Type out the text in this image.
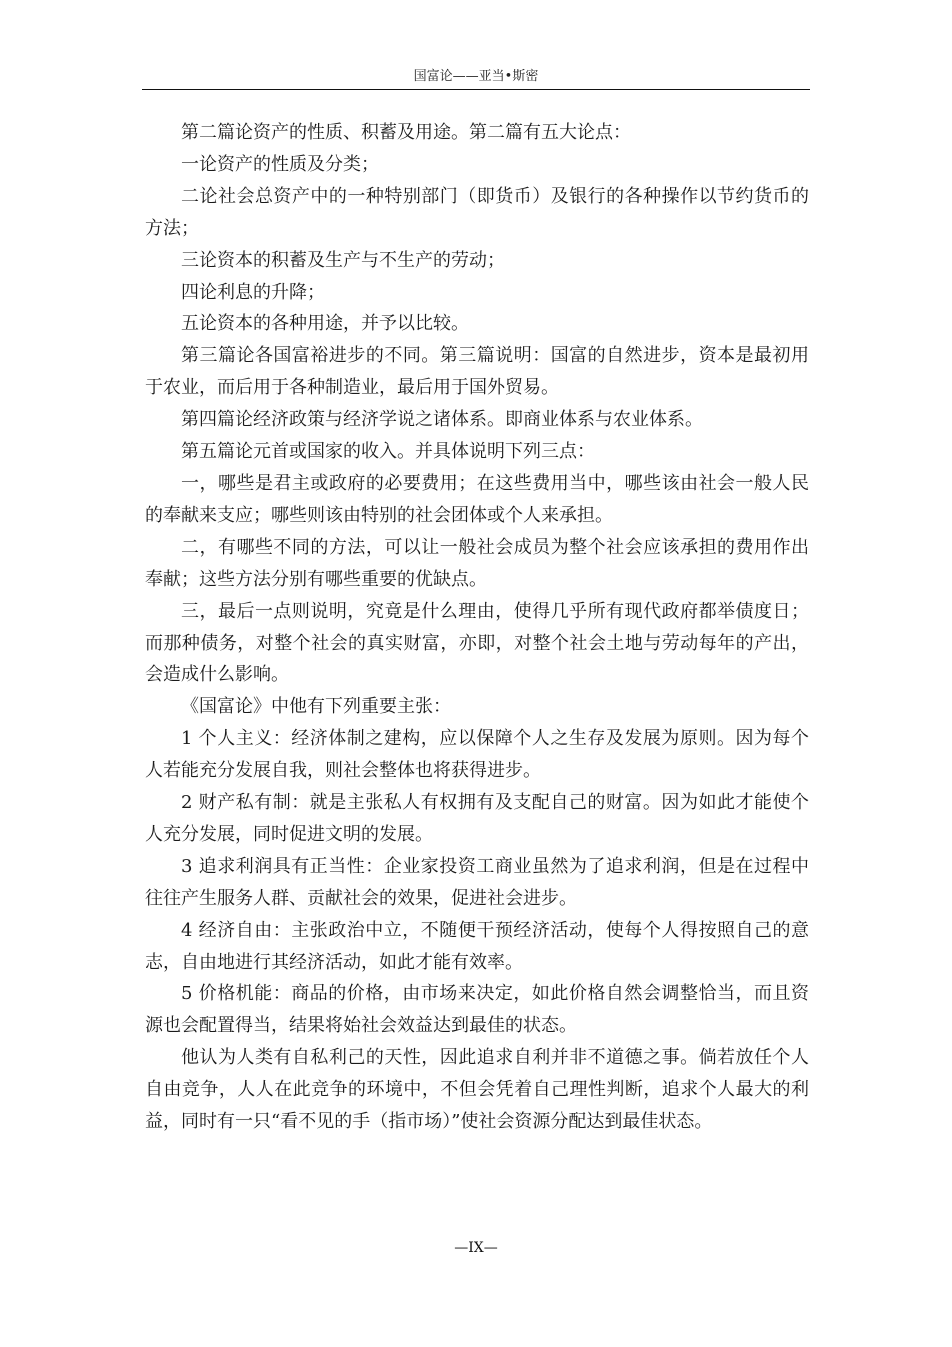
国富论——亚当•斯密

第二篇论资产的性质、积蓄及用途。第二篇有五大论点：

一论资产的性质及分类；

二论社会总资产中的一种特别部门（即货币）及银行的各种操作以节约货币的方法；

三论资本的积蓄及生产与不生产的劳动；

四论利息的升降；

五论资本的各种用途，并予以比较。

第三篇论各国富裕进步的不同。第三篇说明：国富的自然进步，资本是最初用于农业，而后用于各种制造业，最后用于国外贸易。

第四篇论经济政策与经济学说之诸体系。即商业体系与农业体系。

第五篇论元首或国家的收入。并具体说明下列三点：

一，哪些是君主或政府的必要费用；在这些费用当中，哪些该由社会一般人民的奉献来支应；哪些则该由特别的社会团体或个人来承担。

二，有哪些不同的方法，可以让一般社会成员为整个社会应该承担的费用作出奉献；这些方法分别有哪些重要的优缺点。

三，最后一点则说明，究竟是什么理由，使得几乎所有现代政府都举债度日；而那种债务，对整个社会的真实财富，亦即，对整个社会土地与劳动每年的产出，会造成什么影响。

《国富论》中他有下列重要主张：

1 个人主义：经济体制之建构，应以保障个人之生存及发展为原则。因为每个人若能充分发展自我，则社会整体也将获得进步。

2 财产私有制：就是主张私人有权拥有及支配自己的财富。因为如此才能使个人充分发展，同时促进文明的发展。

3 追求利润具有正当性：企业家投资工商业虽然为了追求利润，但是在过程中往往产生服务人群、贡献社会的效果，促进社会进步。

4 经济自由：主张政治中立，不随便干预经济活动，使每个人得按照自己的意志，自由地进行其经济活动，如此才能有效率。

5 价格机能：商品的价格，由市场来决定，如此价格自然会调整恰当，而且资源也会配置得当，结果将始社会效益达到最佳的状态。

他认为人类有自私利己的天性，因此追求自利并非不道德之事。倘若放任个人自由竞争，人人在此竞争的环境中，不但会凭着自己理性判断，追求个人最大的利益，同时有一只“看不见的手（指市场）”使社会资源分配达到最佳状态。

—IX—
